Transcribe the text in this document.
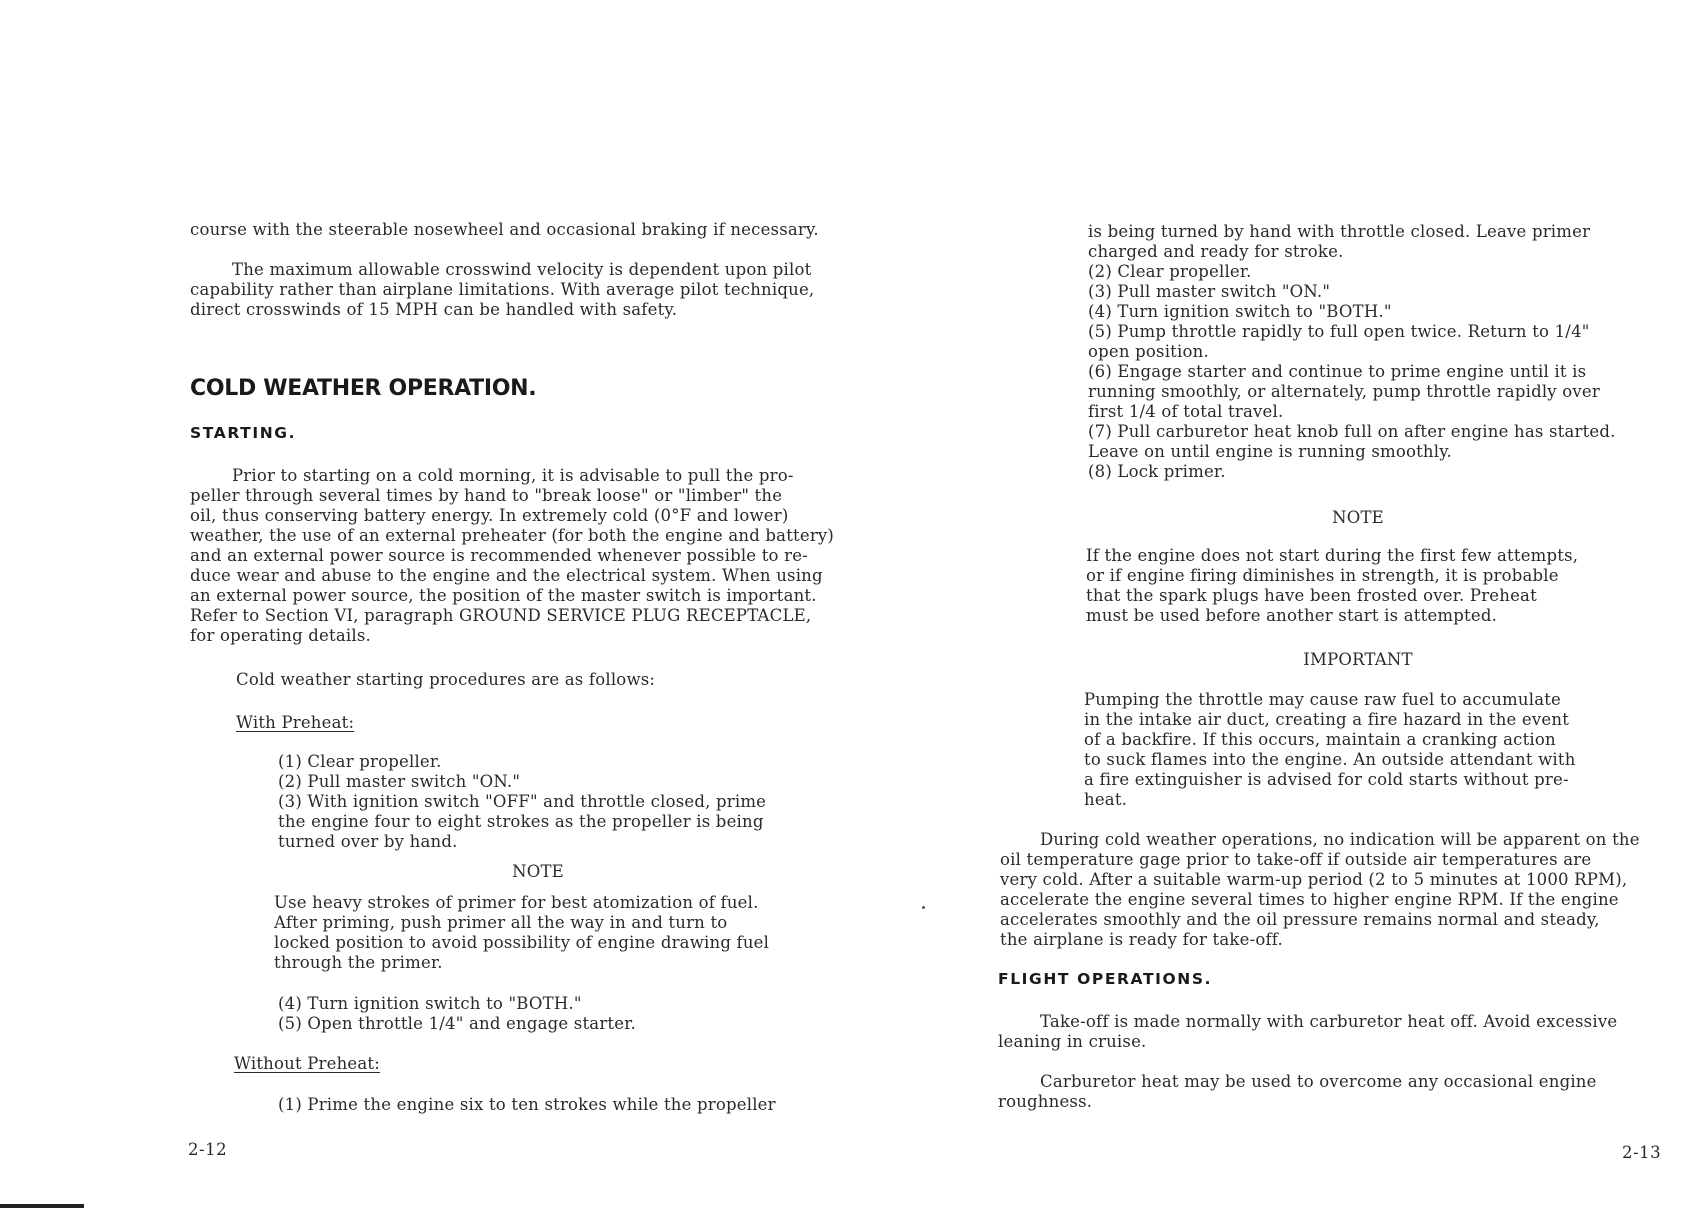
course with the steerable nosewheel and occasional braking if necessary.
The maximum allowable crosswind velocity is dependent upon pilot
capability rather than airplane limitations. With average pilot technique,
direct crosswinds of 15 MPH can be handled with safety.
COLD WEATHER OPERATION.
STARTING.
Prior to starting on a cold morning, it is advisable to pull the pro-
peller through several times by hand to "break loose" or "limber" the
oil, thus conserving battery energy. In extremely cold (0°F and lower)
weather, the use of an external preheater (for both the engine and battery)
and an external power source is recommended whenever possible to re-
duce wear and abuse to the engine and the electrical system. When using
an external power source, the position of the master switch is important.
Refer to Section VI, paragraph GROUND SERVICE PLUG RECEPTACLE,
for operating details.
Cold weather starting procedures are as follows:
With Preheat:
(1) Clear propeller.
(2) Pull master switch "ON."
(3) With ignition switch "OFF" and throttle closed, prime
the engine four to eight strokes as the propeller is being
turned over by hand.
NOTE
Use heavy strokes of primer for best atomization of fuel.
After priming, push primer all the way in and turn to
locked position to avoid possibility of engine drawing fuel
through the primer.
(4) Turn ignition switch to "BOTH."
(5) Open throttle 1/4" and engage starter.
Without Preheat:
(1) Prime the engine six to ten strokes while the propeller
2-12
is being turned by hand with throttle closed. Leave primer
charged and ready for stroke.
(2) Clear propeller.
(3) Pull master switch "ON."
(4) Turn ignition switch to "BOTH."
(5) Pump throttle rapidly to full open twice. Return to 1/4"
open position.
(6) Engage starter and continue to prime engine until it is
running smoothly, or alternately, pump throttle rapidly over
first 1/4 of total travel.
(7) Pull carburetor heat knob full on after engine has started.
Leave on until engine is running smoothly.
(8) Lock primer.
NOTE
If the engine does not start during the first few attempts,
or if engine firing diminishes in strength, it is probable
that the spark plugs have been frosted over. Preheat
must be used before another start is attempted.
IMPORTANT
Pumping the throttle may cause raw fuel to accumulate
in the intake air duct, creating a fire hazard in the event
of a backfire. If this occurs, maintain a cranking action
to suck flames into the engine. An outside attendant with
a fire extinguisher is advised for cold starts without pre-
heat.
During cold weather operations, no indication will be apparent on the
oil temperature gage prior to take-off if outside air temperatures are
very cold. After a suitable warm-up period (2 to 5 minutes at 1000 RPM),
accelerate the engine several times to higher engine RPM. If the engine
accelerates smoothly and the oil pressure remains normal and steady,
the airplane is ready for take-off.
FLIGHT OPERATIONS.
Take-off is made normally with carburetor heat off. Avoid excessive
leaning in cruise.
Carburetor heat may be used to overcome any occasional engine
roughness.
2-13
